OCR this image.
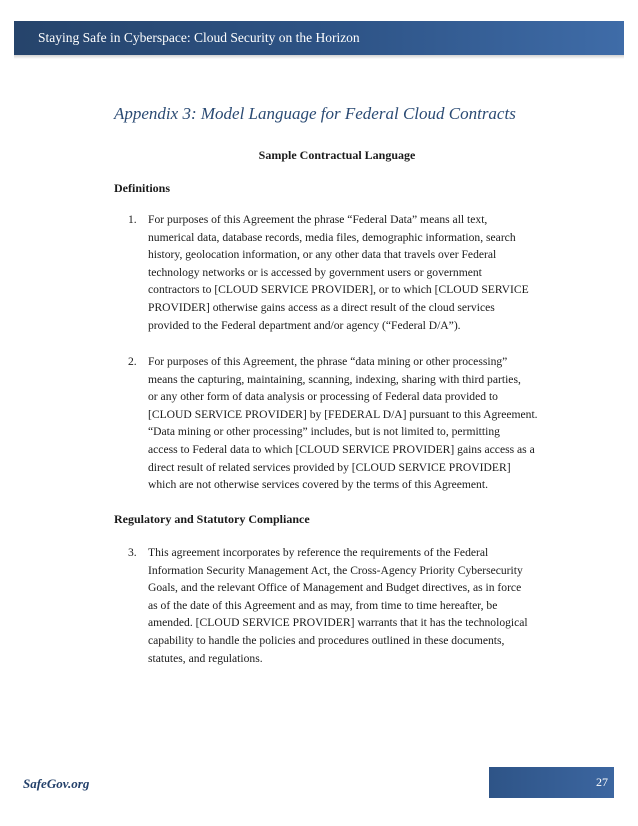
Staying Safe in Cyberspace: Cloud Security on the Horizon
Appendix 3: Model Language for Federal Cloud Contracts
Sample Contractual Language
Definitions
1. For purposes of this Agreement the phrase “Federal Data” means all text,
numerical data, database records, media files, demographic information, search
history, geolocation information, or any other data that travels over Federal
technology networks or is accessed by government users or government
contractors to [CLOUD SERVICE PROVIDER], or to which [CLOUD SERVICE
PROVIDER] otherwise gains access as a direct result of the cloud services
provided to the Federal department and/or agency (“Federal D/A”).
2. For purposes of this Agreement, the phrase “data mining or other processing”
means the capturing, maintaining, scanning, indexing, sharing with third parties,
or any other form of data analysis or processing of Federal data provided to
[CLOUD SERVICE PROVIDER] by [FEDERAL D/A] pursuant to this Agreement.
“Data mining or other processing” includes, but is not limited to, permitting
access to Federal data to which [CLOUD SERVICE PROVIDER] gains access as a
direct result of related services provided by [CLOUD SERVICE PROVIDER]
which are not otherwise services covered by the terms of this Agreement.
Regulatory and Statutory Compliance
3. This agreement incorporates by reference the requirements of the Federal
Information Security Management Act, the Cross-Agency Priority Cybersecurity
Goals, and the relevant Office of Management and Budget directives, as in force
as of the date of this Agreement and as may, from time to time hereafter, be
amended. [CLOUD SERVICE PROVIDER] warrants that it has the technological
capability to handle the policies and procedures outlined in these documents,
statutes, and regulations.
SafeGov.org	27
